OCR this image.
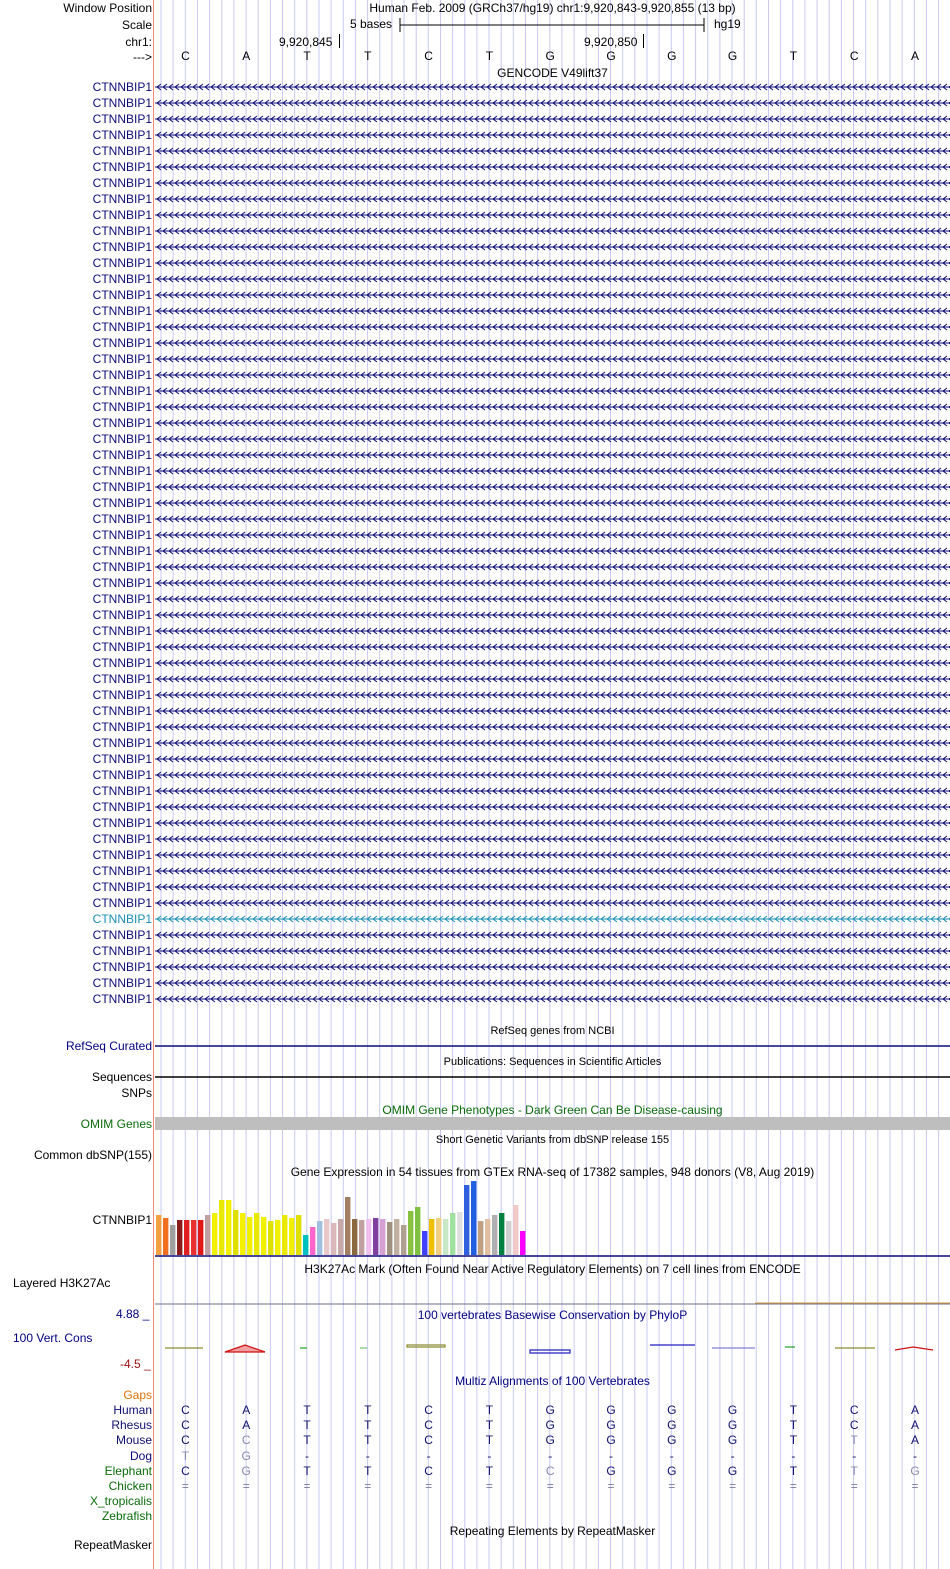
Window Position	Human Feb. 2009 (GRCh37/hg19) chr1:9,920,843-9,920,855 (13 bp)
Scale	5 bases	hg19
chr1:	9,920,845	9,920,850
--->	C	A	T	T	C	T	G	G	G	G	T	C	A
GENCODE V49lift37
CTNNBIP1
CTNNBIP1
CTNNBIP1
CTNNBIP1
CTNNBIP1
CTNNBIP1
CTNNBIP1
CTNNBIP1
CTNNBIP1
CTNNBIP1
CTNNBIP1
CTNNBIP1
CTNNBIP1
CTNNBIP1
CTNNBIP1
CTNNBIP1
CTNNBIP1
CTNNBIP1
CTNNBIP1
CTNNBIP1
CTNNBIP1
CTNNBIP1
CTNNBIP1
CTNNBIP1
CTNNBIP1
CTNNBIP1
CTNNBIP1
CTNNBIP1
CTNNBIP1
CTNNBIP1
CTNNBIP1
CTNNBIP1
CTNNBIP1
CTNNBIP1
CTNNBIP1
CTNNBIP1
CTNNBIP1
CTNNBIP1
CTNNBIP1
CTNNBIP1
CTNNBIP1
CTNNBIP1
CTNNBIP1
CTNNBIP1
CTNNBIP1
CTNNBIP1
CTNNBIP1
CTNNBIP1
CTNNBIP1
CTNNBIP1
CTNNBIP1
CTNNBIP1
CTNNBIP1
CTNNBIP1
CTNNBIP1
CTNNBIP1
CTNNBIP1
CTNNBIP1
RefSeq genes from NCBI
RefSeq Curated
Publications: Sequences in Scientific Articles
Sequences
SNPs
OMIM Gene Phenotypes - Dark Green Can Be Disease-causing
OMIM Genes
Short Genetic Variants from dbSNP release 155
Common dbSNP(155)
Gene Expression in 54 tissues from GTEx RNA-seq of 17382 samples, 948 donors (V8, Aug 2019)
CTNNBIP1
H3K27Ac Mark (Often Found Near Active Regulatory Elements) on 7 cell lines from ENCODE
Layered H3K27Ac
4.88 _	100 vertebrates Basewise Conservation by PhyloP
100 Vert. Cons
-4.5 _
Multiz Alignments of 100 Vertebrates
Gaps
Human	C	A	T	T	C	T	G	G	G	G	T	C	A
Rhesus	C	A	T	T	C	T	G	G	G	G	T	C	A
Mouse	C	C	T	T	C	T	G	G	G	G	T	T	A
Dog	T	G	-	-	-	-	-	-	-	-	-	-	-
Elephant	C	G	T	T	C	T	C	G	G	G	T	T	G
Chicken	=	=	=	=	=	=	=	=	=	=	=	=	=
X_tropicalis
Zebrafish
Repeating Elements by RepeatMasker
RepeatMasker
